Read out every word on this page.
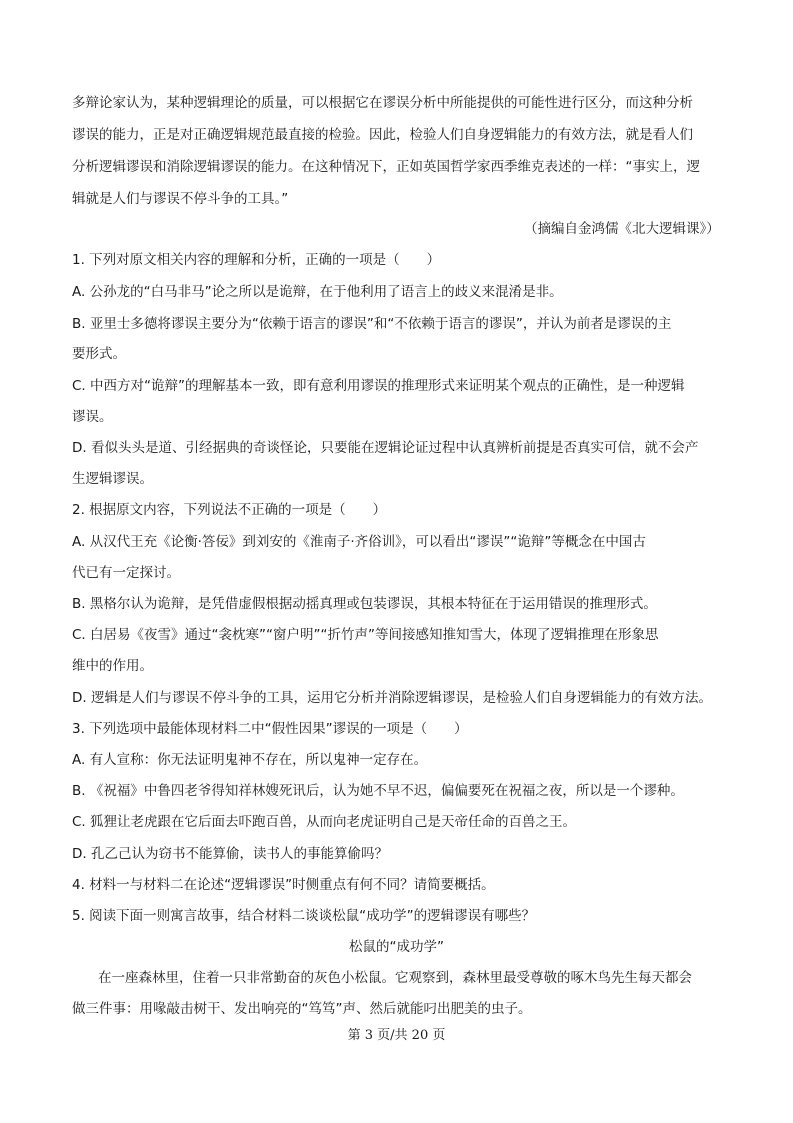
多辩论家认为，某种逻辑理论的质量，可以根据它在谬误分析中所能提供的可能性进行区分，而这种分析
谬误的能力，正是对正确逻辑规范最直接的检验。因此，检验人们自身逻辑能力的有效方法，就是看人们
分析逻辑谬误和消除逻辑谬误的能力。在这种情况下，正如英国哲学家西季维克表述的一样：“事实上，逻
辑就是人们与谬误不停斗争的工具。”
（摘编自金鸿儒《北大逻辑课》）
1. 下列对原文相关内容的理解和分析，正确的一项是（　　）
A. 公孙龙的“白马非马”论之所以是诡辩，在于他利用了语言上的歧义来混淆是非。
B. 亚里士多德将谬误主要分为“依赖于语言的谬误”和“不依赖于语言的谬误”，并认为前者是谬误的主
要形式。
C. 中西方对“诡辩”的理解基本一致，即有意利用谬误的推理形式来证明某个观点的正确性，是一种逻辑
谬误。
D. 看似头头是道、引经据典的奇谈怪论，只要能在逻辑论证过程中认真辨析前提是否真实可信，就不会产
生逻辑谬误。
2. 根据原文内容，下列说法不正确的一项是（　　）
A. 从汉代王充《论衡·答佞》到刘安的《淮南子·齐俗训》，可以看出“谬误”“诡辩”等概念在中国古
代已有一定探讨。
B. 黑格尔认为诡辩，是凭借虚假根据动摇真理或包装谬误，其根本特征在于运用错误的推理形式。
C. 白居易《夜雪》通过“衾枕寒”“窗户明”“折竹声”等间接感知推知雪大，体现了逻辑推理在形象思
维中的作用。
D. 逻辑是人们与谬误不停斗争的工具，运用它分析并消除逻辑谬误，是检验人们自身逻辑能力的有效方法。
3. 下列选项中最能体现材料二中“假性因果”谬误的一项是（　　）
A. 有人宣称：你无法证明鬼神不存在，所以鬼神一定存在。
B. 《祝福》中鲁四老爷得知祥林嫂死讯后，认为她不早不迟，偏偏要死在祝福之夜，所以是一个谬种。
C. 狐狸让老虎跟在它后面去吓跑百兽，从而向老虎证明自己是天帝任命的百兽之王。
D. 孔乙己认为窃书不能算偷，读书人的事能算偷吗？
4. 材料一与材料二在论述“逻辑谬误”时侧重点有何不同？请简要概括。
5. 阅读下面一则寓言故事，结合材料二谈谈松鼠“成功学”的逻辑谬误有哪些？
松鼠的“成功学”
在一座森林里，住着一只非常勤奋的灰色小松鼠。它观察到，森林里最受尊敬的啄木鸟先生每天都会
做三件事：用喙敲击树干、发出响亮的“笃笃”声、然后就能叼出肥美的虫子。
第 3 页/共 20 页
